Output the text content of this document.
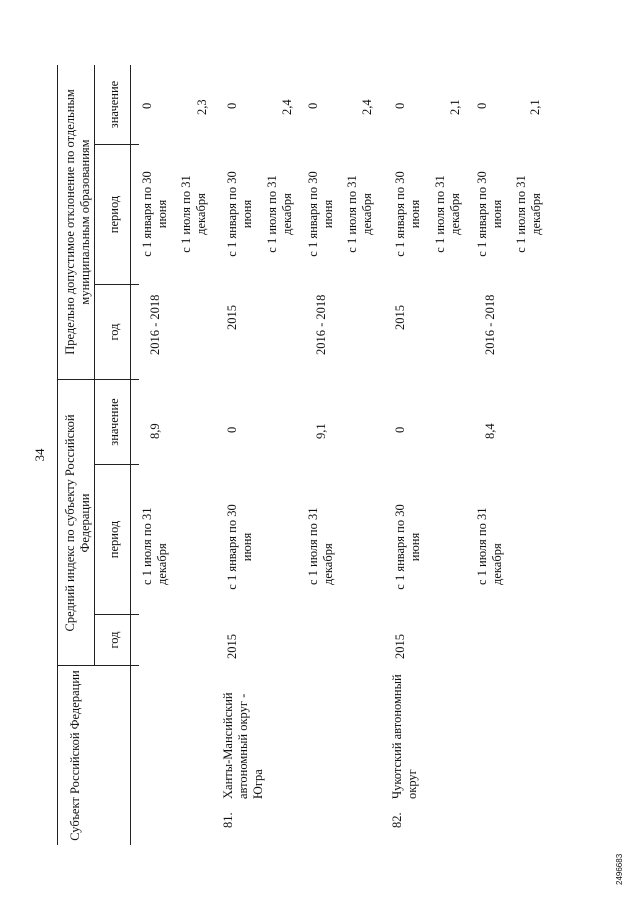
34
2496683
Субъект Российской Федерации
Средний индекс по субъекту Российской Федерации
Предельно допустимое отклонение по отдельным муниципальным образованиям
год
период
значение
год
период
значение
с 1 июля по 31 декабря
8,9
2016 - 2018
с 1 января по 30 июня
0
с 1 июля по 31 декабря
2,3
81.
Ханты-Мансийский автономный округ - Югра
2015
с 1 января по 30 июня
0
2015
с 1 января по 30 июня
0
с 1 июля по 31 декабря
2,4
с 1 июля по 31 декабря
9,1
2016 - 2018
с 1 января по 30 июня
0
с 1 июля по 31 декабря
2,4
82.
Чукотский автономный округ
2015
с 1 января по 30 июня
0
2015
с 1 января по 30 июня
0
с 1 июля по 31 декабря
2,1
с 1 июля по 31 декабря
8,4
2016 - 2018
с 1 января по 30 июня
0
с 1 июля по 31 декабря
2,1
